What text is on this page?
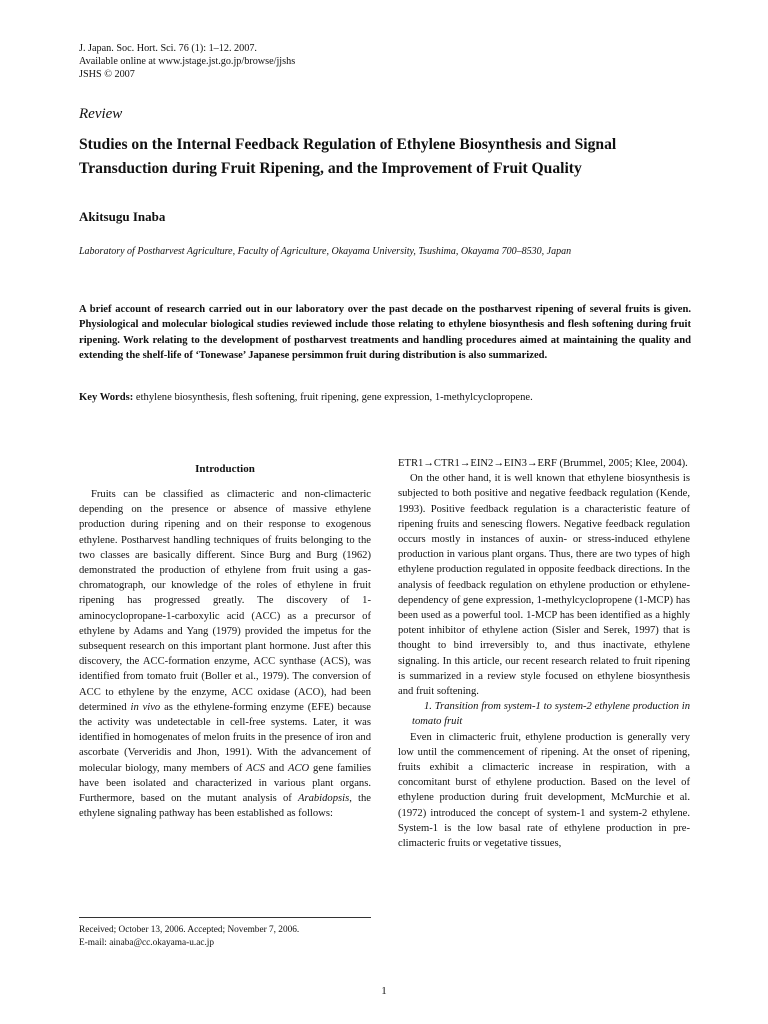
J. Japan. Soc. Hort. Sci. 76 (1): 1–12. 2007.
Available online at www.jstage.jst.go.jp/browse/jjshs
JSHS © 2007
Review
Studies on the Internal Feedback Regulation of Ethylene Biosynthesis and Signal Transduction during Fruit Ripening, and the Improvement of Fruit Quality
Akitsugu Inaba
Laboratory of Postharvest Agriculture, Faculty of Agriculture, Okayama University, Tsushima, Okayama 700–8530, Japan
A brief account of research carried out in our laboratory over the past decade on the postharvest ripening of several fruits is given. Physiological and molecular biological studies reviewed include those relating to ethylene biosynthesis and flesh softening during fruit ripening. Work relating to the development of postharvest treatments and handling procedures aimed at maintaining the quality and extending the shelf-life of ‘Tonewase’ Japanese persimmon fruit during distribution is also summarized.
Key Words: ethylene biosynthesis, flesh softening, fruit ripening, gene expression, 1-methylcyclopropene.
Introduction

Fruits can be classified as climacteric and non-climacteric depending on the presence or absence of massive ethylene production during ripening and on their response to exogenous ethylene. Postharvest handling techniques of fruits belonging to the two classes are basically different. Since Burg and Burg (1962) demonstrated the production of ethylene from fruit using a gas-chromatograph, our knowledge of the roles of ethylene in fruit ripening has progressed greatly. The discovery of 1-aminocyclopropane-1-carboxylic acid (ACC) as a precursor of ethylene by Adams and Yang (1979) provided the impetus for the subsequent research on this important plant hormone. Just after this discovery, the ACC-formation enzyme, ACC synthase (ACS), was identified from tomato fruit (Boller et al., 1979). The conversion of ACC to ethylene by the enzyme, ACC oxidase (ACO), had been determined in vivo as the ethylene-forming enzyme (EFE) because the activity was undetectable in cell-free systems. Later, it was identified in homogenates of melon fruits in the presence of iron and ascorbate (Ververidis and Jhon, 1991). With the advancement of molecular biology, many members of ACS and ACO gene families have been isolated and characterized in various plant organs. Furthermore, based on the mutant analysis of Arabidopsis, the ethylene signaling pathway has been established as follows:

ETR1→CTR1→EIN2→EIN3→ERF (Brummel, 2005; Klee, 2004).

On the other hand, it is well known that ethylene biosynthesis is subjected to both positive and negative feedback regulation (Kende, 1993). Positive feedback regulation is a characteristic feature of ripening fruits and senescing flowers. Negative feedback regulation occurs mostly in instances of auxin- or stress-induced ethylene production in various plant organs. Thus, there are two types of high ethylene production regulated in opposite feedback directions. In the analysis of feedback regulation on ethylene production or ethylene-dependency of gene expression, 1-methylcyclopropene (1-MCP) has been used as a powerful tool. 1-MCP has been identified as a highly potent inhibitor of ethylene action (Sisler and Serek, 1997) that is thought to bind irreversibly to, and thus inactivate, ethylene signaling. In this article, our recent research related to fruit ripening is summarized in a review style focused on ethylene biosynthesis and fruit softening.

1. Transition from system-1 to system-2 ethylene production in tomato fruit

Even in climacteric fruit, ethylene production is generally very low until the commencement of ripening. At the onset of ripening, fruits exhibit a climacteric increase in respiration, with a concomitant burst of ethylene production. Based on the level of ethylene production during fruit development, McMurchie et al. (1972) introduced the concept of system-1 and system-2 ethylene. System-1 is the low basal rate of ethylene production in pre-climacteric fruits or vegetative tissues,

Received; October 13, 2006. Accepted; November 7, 2006.
E-mail: ainaba@cc.okayama-u.ac.jp
1
